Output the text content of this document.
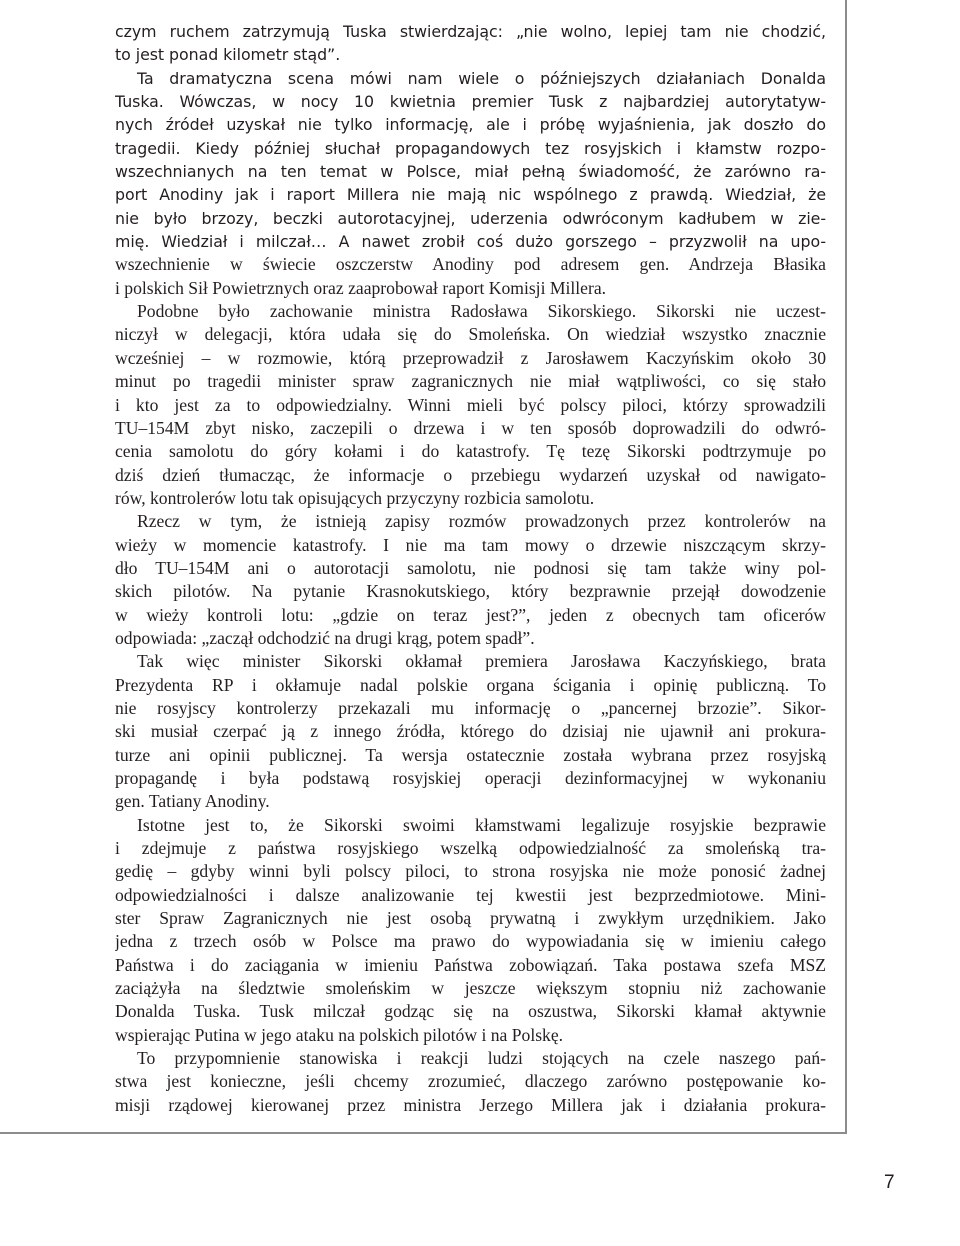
czym ruchem zatrzymują Tuska stwierdzając: „nie wolno, lepiej tam nie chodzić,
to jest ponad kilometr stąd”.
Ta dramatyczna scena mówi nam wiele o późniejszych działaniach Donalda
Tuska. Wówczas, w nocy 10 kwietnia premier Tusk z najbardziej autorytatyw-
nych źródeł uzyskał nie tylko informację, ale i próbę wyjaśnienia, jak doszło do
tragedii. Kiedy później słuchał propagandowych tez rosyjskich i kłamstw rozpo-
wszechnianych na ten temat w Polsce, miał pełną świadomość, że zarówno ra-
port Anodiny jak i raport Millera nie mają nic wspólnego z prawdą. Wiedział, że
nie było brzozy, beczki autorotacyjnej, uderzenia odwróconym kadłubem w zie-
mię. Wiedział i milczał… A nawet zrobił coś dużo gorszego – przyzwolił na upo-
wszechnienie w świecie oszczerstw Anodiny pod adresem gen. Andrzeja Błasika
i polskich Sił Powietrznych oraz zaaprobował raport Komisji Millera.
Podobne było zachowanie ministra Radosława Sikorskiego. Sikorski nie uczest-
niczył w delegacji, która udała się do Smoleńska. On wiedział wszystko znacznie
wcześniej – w rozmowie, którą przeprowadził z Jarosławem Kaczyńskim około 30
minut po tragedii minister spraw zagranicznych nie miał wątpliwości, co się stało
i kto jest za to odpowiedzialny. Winni mieli być polscy piloci, którzy sprowadzili
TU–154M zbyt nisko, zaczepili o drzewa i w ten sposób doprowadzili do odwró-
cenia samolotu do góry kołami i do katastrofy. Tę tezę Sikorski podtrzymuje po
dziś dzień tłumacząc, że informacje o przebiegu wydarzeń uzyskał od nawigato-
rów, kontrolerów lotu tak opisujących przyczyny rozbicia samolotu.
Rzecz w tym, że istnieją zapisy rozmów prowadzonych przez kontrolerów na
wieży w momencie katastrofy. I nie ma tam mowy o drzewie niszczącym skrzy-
dło TU–154M ani o autorotacji samolotu, nie podnosi się tam także winy pol-
skich pilotów. Na pytanie Krasnokutskiego, który bezprawnie przejął dowodzenie
w wieży kontroli lotu: „gdzie on teraz jest?”, jeden z obecnych tam oficerów
odpowiada: „zaczął odchodzić na drugi krąg, potem spadł”.
Tak więc minister Sikorski okłamał premiera Jarosława Kaczyńskiego, brata
Prezydenta RP i okłamuje nadal polskie organa ścigania i opinię publiczną. To
nie rosyjscy kontrolerzy przekazali mu informację o „pancernej brzozie”. Sikor-
ski musiał czerpać ją z innego źródła, którego do dzisiaj nie ujawnił ani prokura-
turze ani opinii publicznej. Ta wersja ostatecznie została wybrana przez rosyjską
propagandę i była podstawą rosyjskiej operacji dezinformacyjnej w wykonaniu
gen. Tatiany Anodiny.
Istotne jest to, że Sikorski swoimi kłamstwami legalizuje rosyjskie bezprawie
i zdejmuje z państwa rosyjskiego wszelką odpowiedzialność za smoleńską tra-
gedię – gdyby winni byli polscy piloci, to strona rosyjska nie może ponosić żadnej
odpowiedzialności i dalsze analizowanie tej kwestii jest bezprzedmiotowe. Mini-
ster Spraw Zagranicznych nie jest osobą prywatną i zwykłym urzędnikiem. Jako
jedna z trzech osób w Polsce ma prawo do wypowiadania się w imieniu całego
Państwa i do zaciągania w imieniu Państwa zobowiązań. Taka postawa szefa MSZ
zaciążyła na śledztwie smoleńskim w jeszcze większym stopniu niż zachowanie
Donalda Tuska. Tusk milczał godząc się na oszustwa, Sikorski kłamał aktywnie
wspierając Putina w jego ataku na polskich pilotów i na Polskę.
To przypomnienie stanowiska i reakcji ludzi stojących na czele naszego pań-
stwa jest konieczne, jeśli chcemy zrozumieć, dlaczego zarówno postępowanie ko-
misji rządowej kierowanej przez ministra Jerzego Millera jak i działania prokura-
7
